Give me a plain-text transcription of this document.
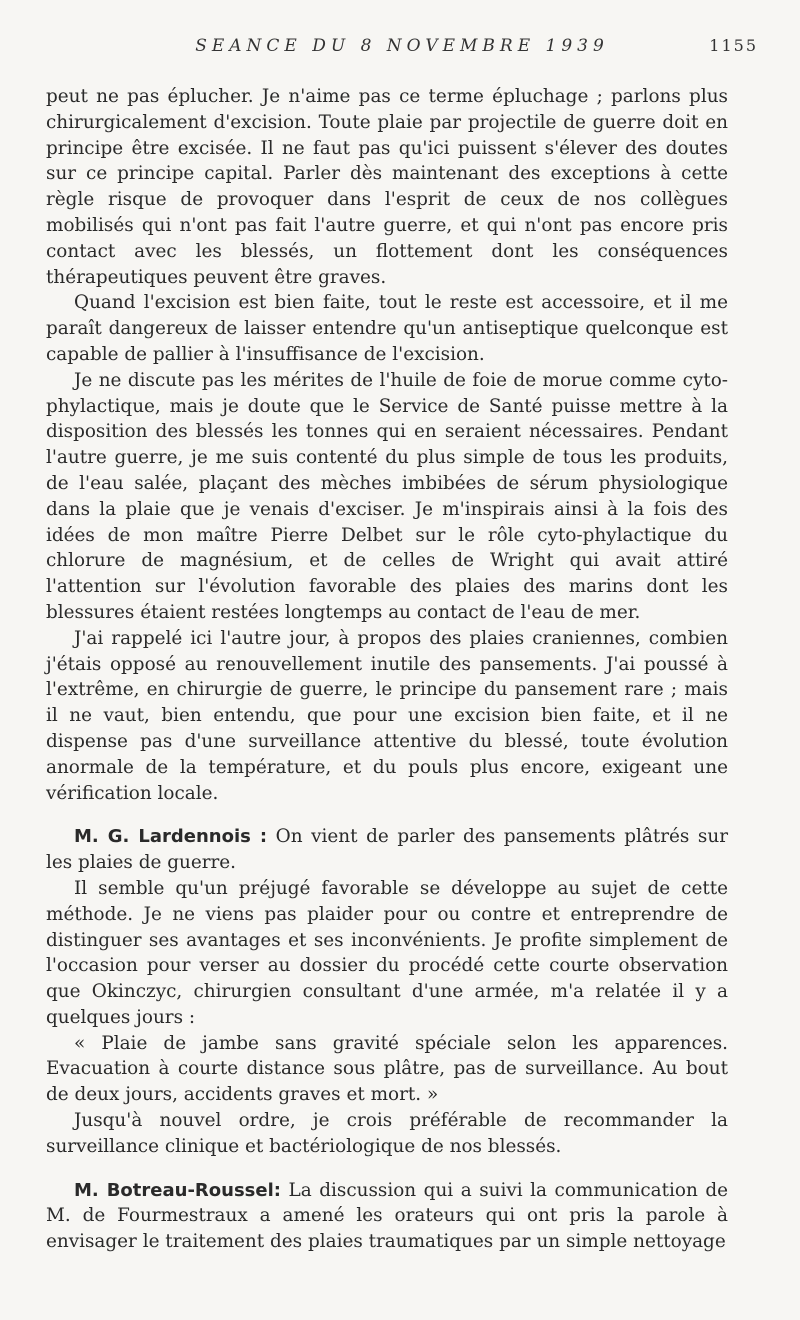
SEANCE DU 8 NOVEMBRE 1939	1155

peut ne pas éplucher. Je n'aime pas ce terme épluchage ; parlons plus chirurgicalement d'excision. Toute plaie par projectile de guerre doit en principe être excisée. Il ne faut pas qu'ici puissent s'élever des doutes sur ce principe capital. Parler dès maintenant des exceptions à cette règle risque de provoquer dans l'esprit de ceux de nos collègues mobilisés qui n'ont pas fait l'autre guerre, et qui n'ont pas encore pris contact avec les blessés, un flottement dont les conséquences thérapeutiques peuvent être graves.

Quand l'excision est bien faite, tout le reste est accessoire, et il me paraît dangereux de laisser entendre qu'un antiseptique quelconque est capable de pallier à l'insuffisance de l'excision.

Je ne discute pas les mérites de l'huile de foie de morue comme cyto-phylactique, mais je doute que le Service de Santé puisse mettre à la disposition des blessés les tonnes qui en seraient nécessaires. Pendant l'autre guerre, je me suis contenté du plus simple de tous les produits, de l'eau salée, plaçant des mèches imbibées de sérum physiologique dans la plaie que je venais d'exciser. Je m'inspirais ainsi à la fois des idées de mon maître Pierre Delbet sur le rôle cyto-phylactique du chlorure de magnésium, et de celles de Wright qui avait attiré l'attention sur l'évolution favorable des plaies des marins dont les blessures étaient restées longtemps au contact de l'eau de mer.

J'ai rappelé ici l'autre jour, à propos des plaies craniennes, combien j'étais opposé au renouvellement inutile des pansements. J'ai poussé à l'extrême, en chirurgie de guerre, le principe du pansement rare ; mais il ne vaut, bien entendu, que pour une excision bien faite, et il ne dispense pas d'une surveillance attentive du blessé, toute évolution anormale de la température, et du pouls plus encore, exigeant une vérification locale.

M. G. Lardennois : On vient de parler des pansements plâtrés sur les plaies de guerre.

Il semble qu'un préjugé favorable se développe au sujet de cette méthode. Je ne viens pas plaider pour ou contre et entreprendre de distinguer ses avantages et ses inconvénients. Je profite simplement de l'occasion pour verser au dossier du procédé cette courte observation que Okinczyc, chirurgien consultant d'une armée, m'a relatée il y a quelques jours :

« Plaie de jambe sans gravité spéciale selon les apparences. Evacuation à courte distance sous plâtre, pas de surveillance. Au bout de deux jours, accidents graves et mort. »

Jusqu'à nouvel ordre, je crois préférable de recommander la surveillance clinique et bactériologique de nos blessés.

M. Botreau-Roussel: La discussion qui a suivi la communication de M. de Fourmestraux a amené les orateurs qui ont pris la parole à envisager le traitement des plaies traumatiques par un simple nettoyage
